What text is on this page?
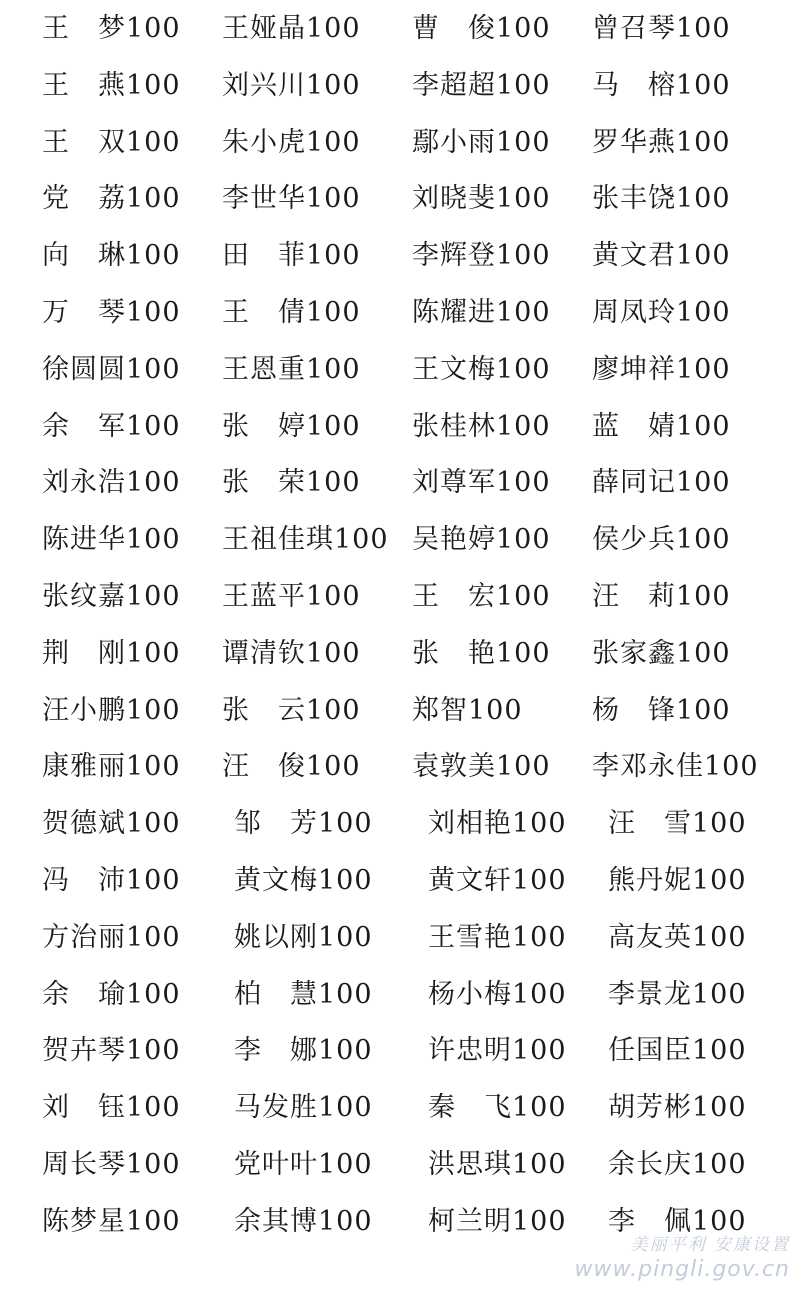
王　梦100 王娅晶100 曹　俊100 曾召琴100
王　燕100 刘兴川100 李超超100 马　榕100
王　双100 朱小虎100 鄢小雨100 罗华燕100
党　荔100 李世华100 刘晓斐100 张丰饶100
向　琳100 田　菲100 李辉登100 黄文君100
万　琴100 王　倩100 陈耀进100 周凤玲100
徐圆圆100 王恩重100 王文梅100 廖坤祥100
余　军100 张　婷100 张桂林100 蓝　婧100
刘永浩100 张　荣100 刘尊军100 薛同记100
陈进华100 王祖佳琪100 吴艳婷100 侯少兵100
张纹嘉100 王蓝平100 王　宏100 汪　莉100
荆　刚100 谭清钦100 张　艳100 张家鑫100
汪小鹏100 张　云100 郑智100	杨　锋100
康雅丽100 汪　俊100 袁敦美100 李邓永佳100
贺德斌100 邹　芳100 刘相艳100 汪　雪100
冯　沛100 黄文梅100 黄文轩100 熊丹妮100
方治丽100 姚以刚100 王雪艳100 高友英100
余　瑜100 柏　慧100 杨小梅100 李景龙100
贺卉琴100 李　娜100 许忠明100 任国臣100
刘　钰100 马发胜100 秦　飞100 胡芳彬100
周长琴100 党叶叶100 洪思琪100 余长庆100
陈梦星100 余其博100 柯兰明100 李　佩100
美丽平利 安康设置
www.pingli.gov.cn
